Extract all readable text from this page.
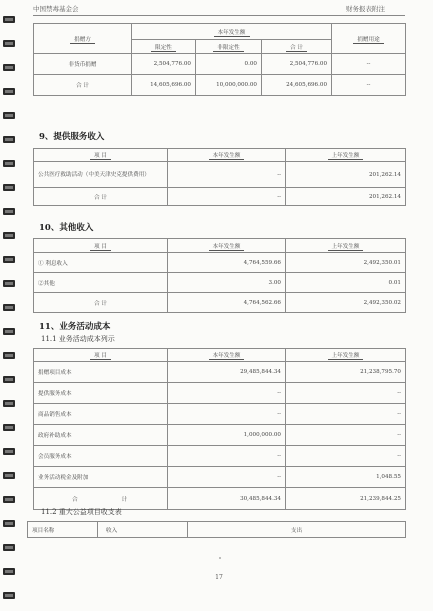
中国禁毒基金会	财务报表附注
捐赠方	本年发生额			捐赠用途
	限定性	非限定性	合 计	
非货币捐赠	2,504,776.00	0.00	2,504,776.00	--
合 计	14,605,696.00	10,000,000.00	24,605,696.00	--
9、提供服务收入
项 目	本年发生额	上年发生额
公共医疗救助活动（中美天津史克提供费用）	--	201,262.14
合 计	--	201,262.14
10、其他收入
项 目	本年发生额	上年发生额
① 利息收入	4,764,559.66	2,492,350.01
②其他	3.00	0.01
合 计	4,764,562.66	2,492,350.02
11、业务活动成本
11.1 业务活动成本列示
项 目	本年发生额	上年发生额
捐赠项目成本	29,485,844.34	21,238,795.70
提供服务成本	--	--
商品销售成本	--	--
政府补助成本	1,000,000.00	--
会员服务成本	--	--
业务活动税金及附加	--	1,048.55
合 计	30,485,844.34	21,239,844.25
11.2 重大公益项目收支表
项目名称	收入	支出
17
